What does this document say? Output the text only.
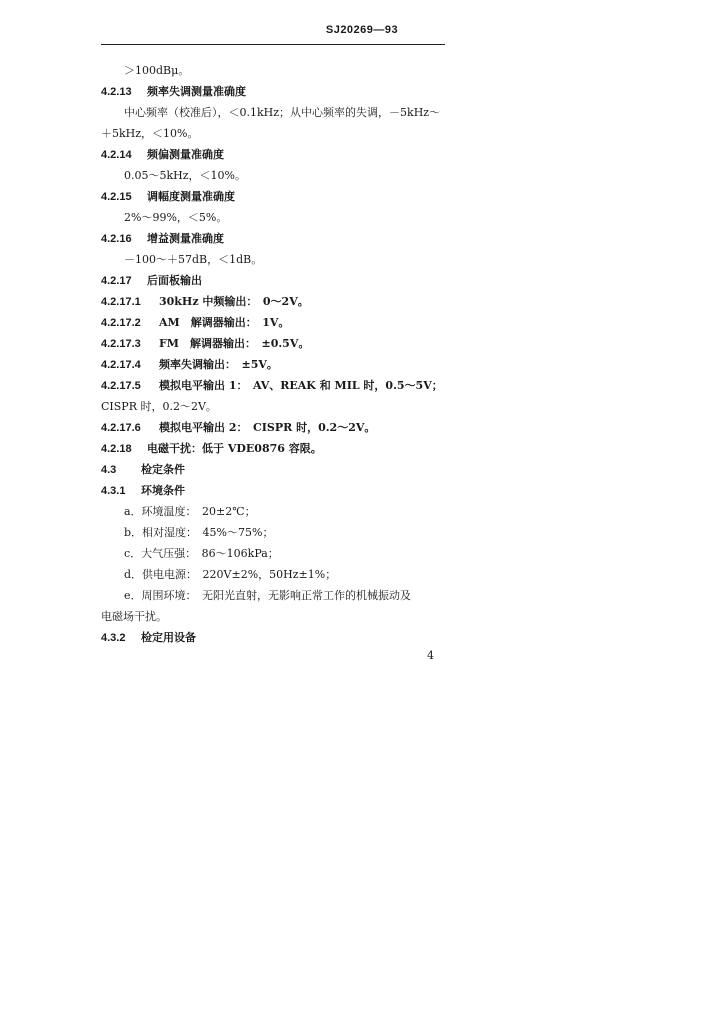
SJ20269—93
＞100dBμ。
4.2.13 频率失调测量准确度
中心频率（校准后），＜0.1kHz；从中心频率的失调，－5kHz～
＋5kHz，＜10%。
4.2.14 频偏测量准确度
0.05～5kHz，＜10%。
4.2.15 调幅度测量准确度
2%～99%，＜5%。
4.2.16 增益测量准确度
－100～＋57dB，＜1dB。
4.2.17 后面板输出
4.2.17.1 30kHz 中频输出：　0～2V。
4.2.17.2 AM　解调器输出：　1V。
4.2.17.3 FM　解调器输出：　±0.5V。
4.2.17.4 频率失调输出：　±5V。
4.2.17.5 模拟电平输出 1：　AV、REAK 和 MIL 时，0.5～5V；
CISPR 时，0.2～2V。
4.2.17.6 模拟电平输出 2：　CISPR 时，0.2～2V。
4.2.18 电磁干扰：低于 VDE0876 容限。
4.3 检定条件
4.3.1 环境条件
a．环境温度：　20±2℃；
b．相对湿度：　45%～75%；
c．大气压强：　86～106kPa；
d．供电电源：　220V±2%，50Hz±1%；
e．周围环境：　无阳光直射，无影响正常工作的机械振动及
电磁场干扰。
4.3.2 检定用设备
4
